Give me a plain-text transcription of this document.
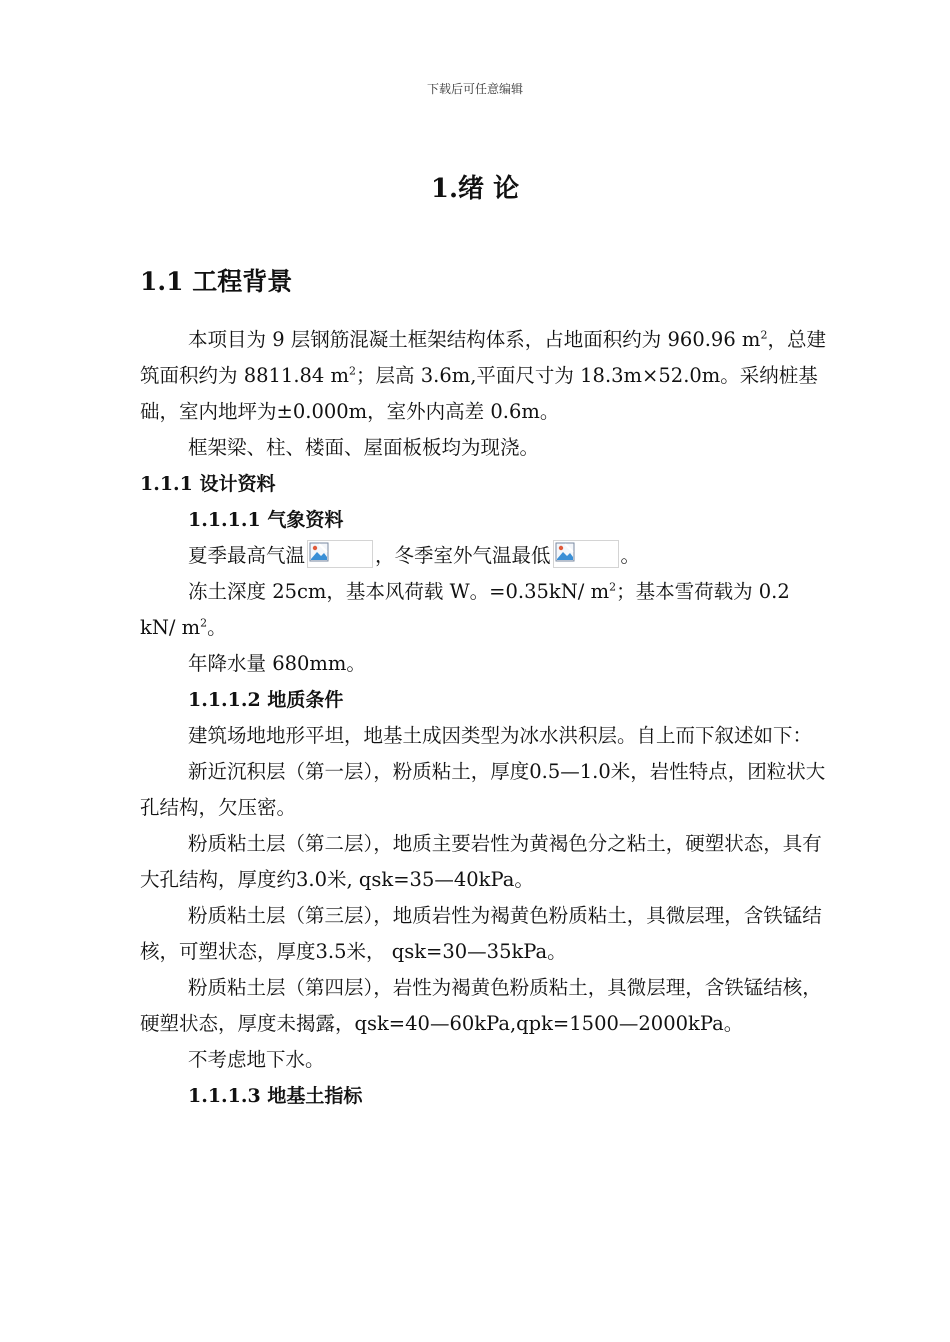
下载后可任意编辑
1.绪 论
1.1 工程背景

本项目为 9 层钢筋混凝土框架结构体系，占地面积约为 960.96 $m^2$，总建筑面积约为 8811.84 $m^2$；层高 3.6m,平面尺寸为 18.3m×52.0m。采纳桩基础，室内地坪为±0.000m，室外内高差 0.6m。

框架梁、柱、楼面、屋面板板均为现浇。

1.1.1 设计资料

1.1.1.1 气象资料

夏季最高气温	，冬季室外气温最低	。

冻土深度 25cm，基本风荷载 W。=0.35kN/ $m^2$；基本雪荷载为 0.2 kN/ $m^2$。

年降水量 680mm。

1.1.1.2 地质条件

建筑场地地形平坦，地基土成因类型为冰水洪积层。自上而下叙述如下：

新近沉积层（第一层），粉质粘土，厚度0.5—1.0米，岩性特点，团粒状大孔结构，欠压密。

粉质粘土层（第二层），地质主要岩性为黄褐色分之粘土，硬塑状态，具有大孔结构，厚度约3.0米, qsk=35—40kPa。

粉质粘土层（第三层），地质岩性为褐黄色粉质粘土，具微层理，含铁锰结核，可塑状态，厚度3.5米， qsk=30—35kPa。

粉质粘土层（第四层），岩性为褐黄色粉质粘土，具微层理，含铁锰结核，硬塑状态，厚度未揭露，qsk=40—60kPa,qpk=1500—2000kPa。

不考虑地下水。

1.1.1.3 地基土指标
